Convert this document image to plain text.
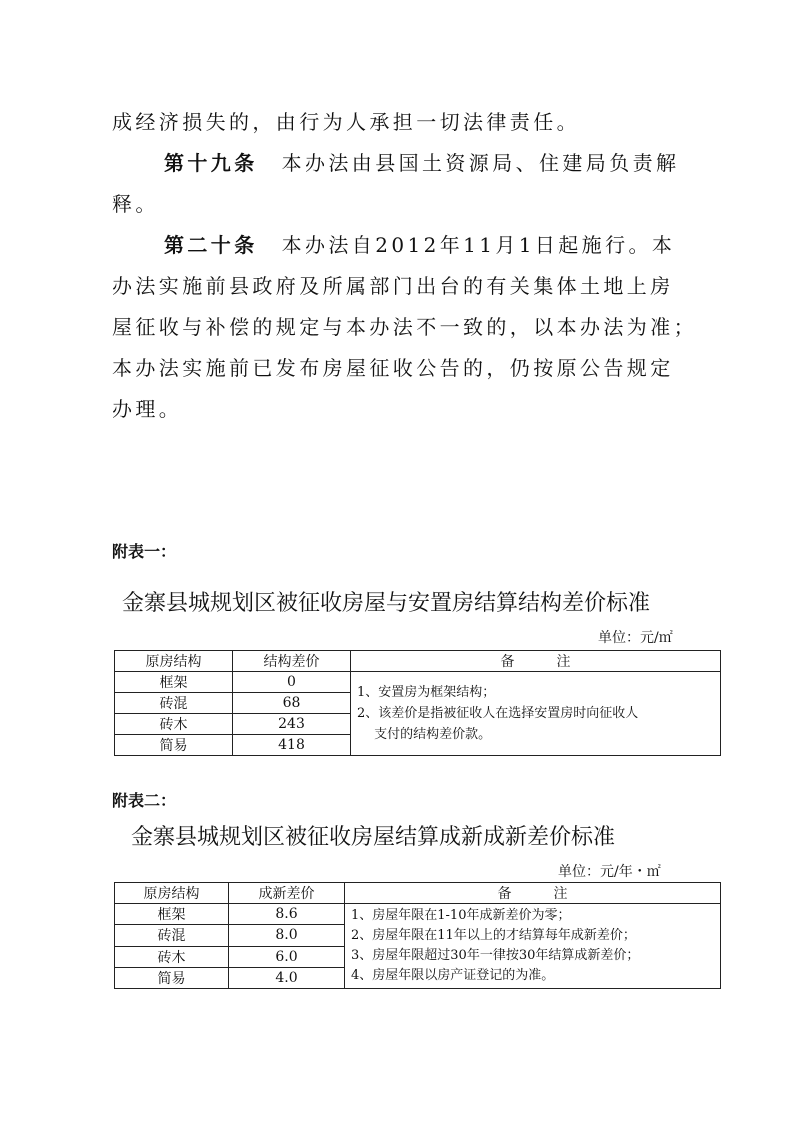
成经济损失的，由行为人承担一切法律责任。
第十九条 本办法由县国土资源局、住建局负责解
释。
第二十条 本办法自2012年11月1日起施行。本
办法实施前县政府及所属部门出台的有关集体土地上房
屋征收与补偿的规定与本办法不一致的，以本办法为准；
本办法实施前已发布房屋征收公告的，仍按原公告规定
办理。
附表一：
金寨县城规划区被征收房屋与安置房结算结构差价标准
单位：元/㎡
原房结构	结构差价	备　　　注
框架	0	1、安置房为框架结构；
2、该差价是指被征收人在选择安置房时向征收人
　 支付的结构差价款。

砖混	68	
砖木	243	
简易	418	
附表二：
金寨县城规划区被征收房屋结算成新成新差价标准
单位：元/年・㎡
原房结构	成新差价	备　　　注
框架	8.6	1、房屋年限在1-10年成新差价为零；
2、房屋年限在11年以上的才结算每年成新差价；
3、房屋年限超过30年一律按30年结算成新差价；
4、房屋年限以房产证登记的为准。

砖混	8.0	
砖木	6.0	
简易	4.0	
